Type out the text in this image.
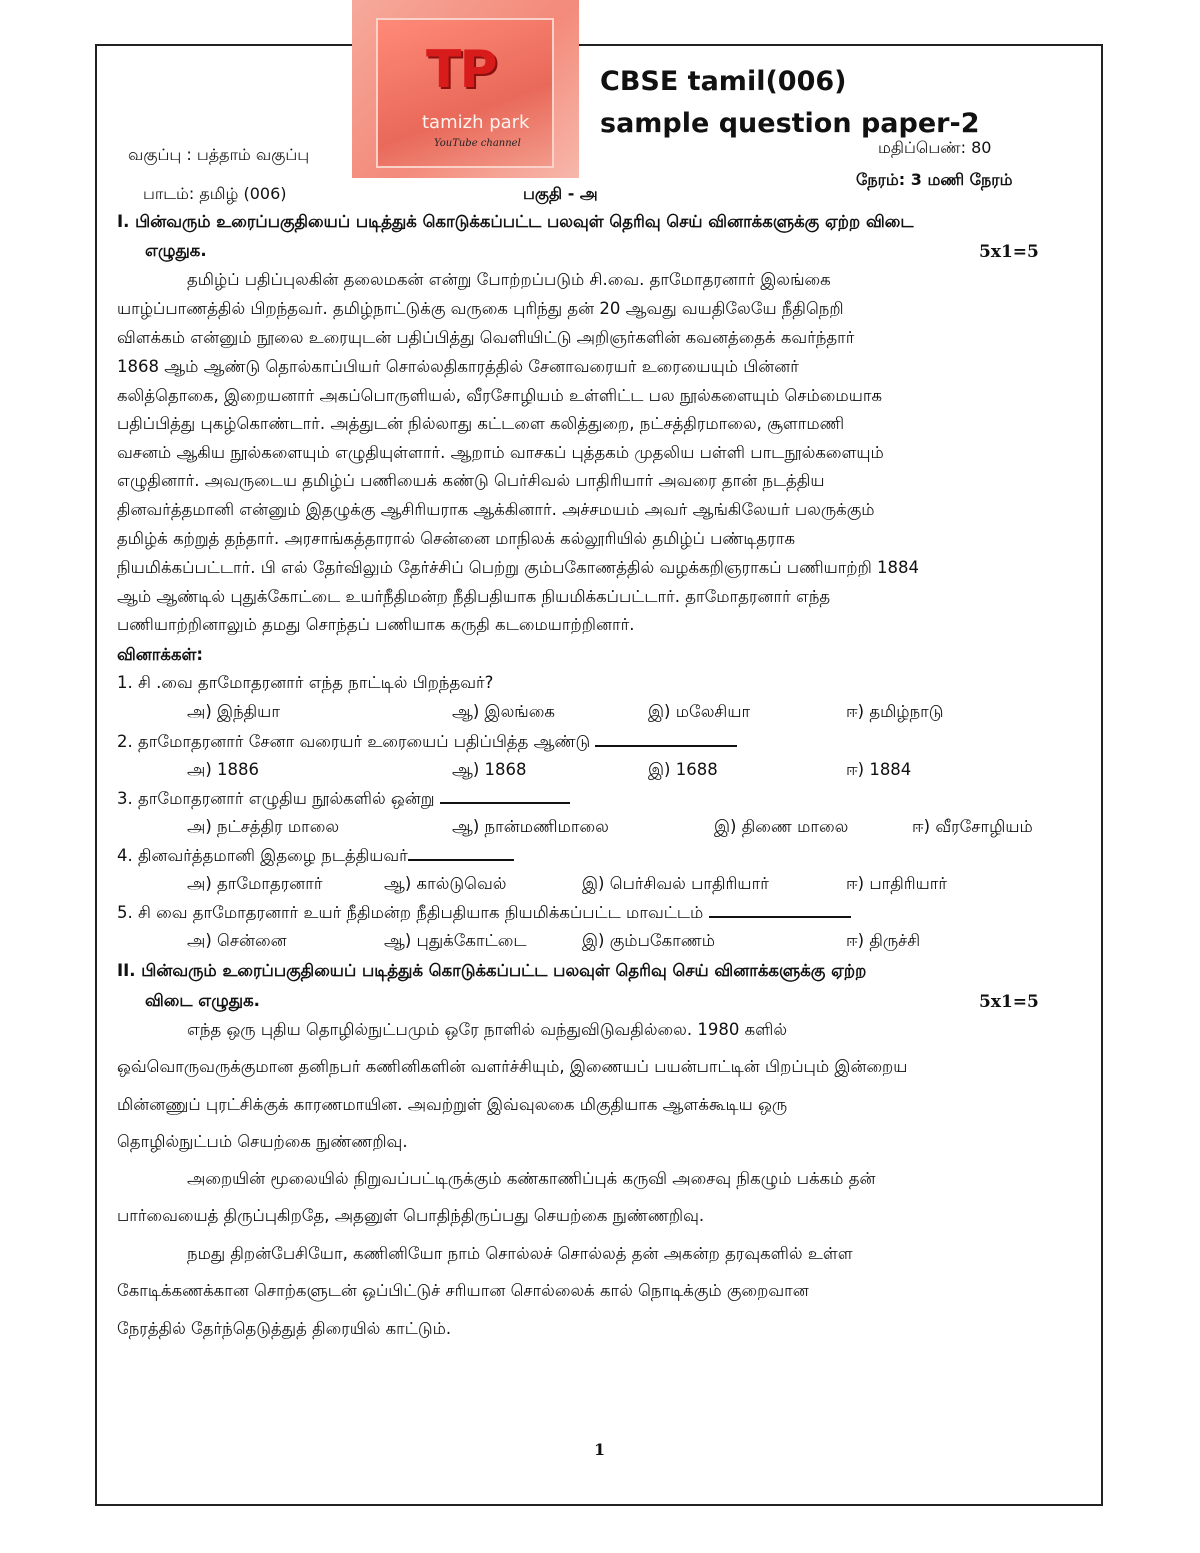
TP
tamizh park
YouTube channel
CBSE tamil(006)
sample question paper-2
வகுப்பு : பத்தாம் வகுப்பு	மதிப்பெண்: 80
பாடம்: தமிழ் (006)	பகுதி - அ
நேரம்: 3 மணி நேரம்
I. பின்வரும் உரைப்பகுதியைப் படித்துக் கொடுக்கப்பட்ட பலவுள் தெரிவு செய் வினாக்களுக்கு ஏற்ற விடை
எழுதுக.	5x1=5
தமிழ்ப் பதிப்புலகின் தலைமகன் என்று போற்றப்படும் சி.வை. தாமோதரனார் இலங்கை
யாழ்ப்பாணத்தில் பிறந்தவர். தமிழ்நாட்டுக்கு வருகை புரிந்து தன் 20 ஆவது வயதிலேயே நீதிநெறி
விளக்கம் என்னும் நூலை உரையுடன் பதிப்பித்து வெளியிட்டு அறிஞர்களின் கவனத்தைக் கவர்ந்தார்
1868 ஆம் ஆண்டு தொல்காப்பியர் சொல்லதிகாரத்தில் சேனாவரையர் உரையையும் பின்னர்
கலித்தொகை, இறையனார் அகப்பொருளியல், வீரசோழியம் உள்ளிட்ட பல நூல்களையும் செம்மையாக
பதிப்பித்து புகழ்கொண்டார். அத்துடன் நில்லாது கட்டளை கலித்துறை, நட்சத்திரமாலை, சூளாமணி
வசனம் ஆகிய நூல்களையும் எழுதியுள்ளார். ஆறாம் வாசகப் புத்தகம் முதலிய பள்ளி பாடநூல்களையும்
எழுதினார். அவருடைய தமிழ்ப் பணியைக் கண்டு பெர்சிவல் பாதிரியார் அவரை தான் நடத்திய
தினவர்த்தமானி என்னும் இதழுக்கு ஆசிரியராக ஆக்கினார். அச்சமயம் அவர் ஆங்கிலேயர் பலருக்கும்
தமிழ்க் கற்றுத் தந்தார். அரசாங்கத்தாரால் சென்னை மாநிலக் கல்லூரியில் தமிழ்ப் பண்டிதராக
நியமிக்கப்பட்டார். பி எல் தேர்விலும் தேர்ச்சிப் பெற்று கும்பகோணத்தில் வழக்கறிஞராகப் பணியாற்றி 1884
ஆம் ஆண்டில் புதுக்கோட்டை உயர்நீதிமன்ற நீதிபதியாக நியமிக்கப்பட்டார். தாமோதரனார் எந்த
பணியாற்றினாலும் தமது சொந்தப் பணியாக கருதி கடமையாற்றினார்.
வினாக்கள்:
1. சி .வை தாமோதரனார் எந்த நாட்டில் பிறந்தவர்?
அ) இந்தியா	ஆ) இலங்கை	இ) மலேசியா	ஈ) தமிழ்நாடு
2. தாமோதரனார் சேனா வரையர் உரையைப் பதிப்பித்த ஆண்டு
அ) 1886	ஆ) 1868	இ) 1688	ஈ) 1884
3. தாமோதரனார் எழுதிய நூல்களில் ஒன்று
அ) நட்சத்திர மாலை	ஆ) நான்மணிமாலை	இ) திணை மாலை	ஈ) வீரசோழியம்
4. தினவர்த்தமானி இதழை நடத்தியவர்
அ) தாமோதரனார்	ஆ) கால்டுவெல்	இ) பெர்சிவல் பாதிரியார்	ஈ) பாதிரியார்
5. சி வை தாமோதரனார் உயர் நீதிமன்ற நீதிபதியாக நியமிக்கப்பட்ட மாவட்டம்
அ) சென்னை	ஆ) புதுக்கோட்டை	இ) கும்பகோணம்	ஈ) திருச்சி
II. பின்வரும் உரைப்பகுதியைப் படித்துக் கொடுக்கப்பட்ட பலவுள் தெரிவு செய் வினாக்களுக்கு ஏற்ற
விடை எழுதுக.	5x1=5
எந்த ஒரு புதிய தொழில்நுட்பமும் ஒரே நாளில் வந்துவிடுவதில்லை. 1980 களில்
ஒவ்வொருவருக்குமான தனிநபர் கணினிகளின் வளர்ச்சியும், இணையப் பயன்பாட்டின் பிறப்பும் இன்றைய
மின்னணுப் புரட்சிக்குக் காரணமாயின. அவற்றுள் இவ்வுலகை மிகுதியாக ஆளக்கூடிய ஒரு
தொழில்நுட்பம் செயற்கை நுண்ணறிவு.
அறையின் மூலையில் நிறுவப்பட்டிருக்கும் கண்காணிப்புக் கருவி அசைவு நிகழும் பக்கம் தன்
பார்வையைத் திருப்புகிறதே, அதனுள் பொதிந்திருப்பது செயற்கை நுண்ணறிவு.
நமது திறன்பேசியோ, கணினியோ நாம் சொல்லச் சொல்லத் தன் அகன்ற தரவுகளில் உள்ள
கோடிக்கணக்கான சொற்களுடன் ஒப்பிட்டுச் சரியான சொல்லைக் கால் நொடிக்கும் குறைவான
நேரத்தில் தேர்ந்தெடுத்துத் திரையில் காட்டும்.
1
